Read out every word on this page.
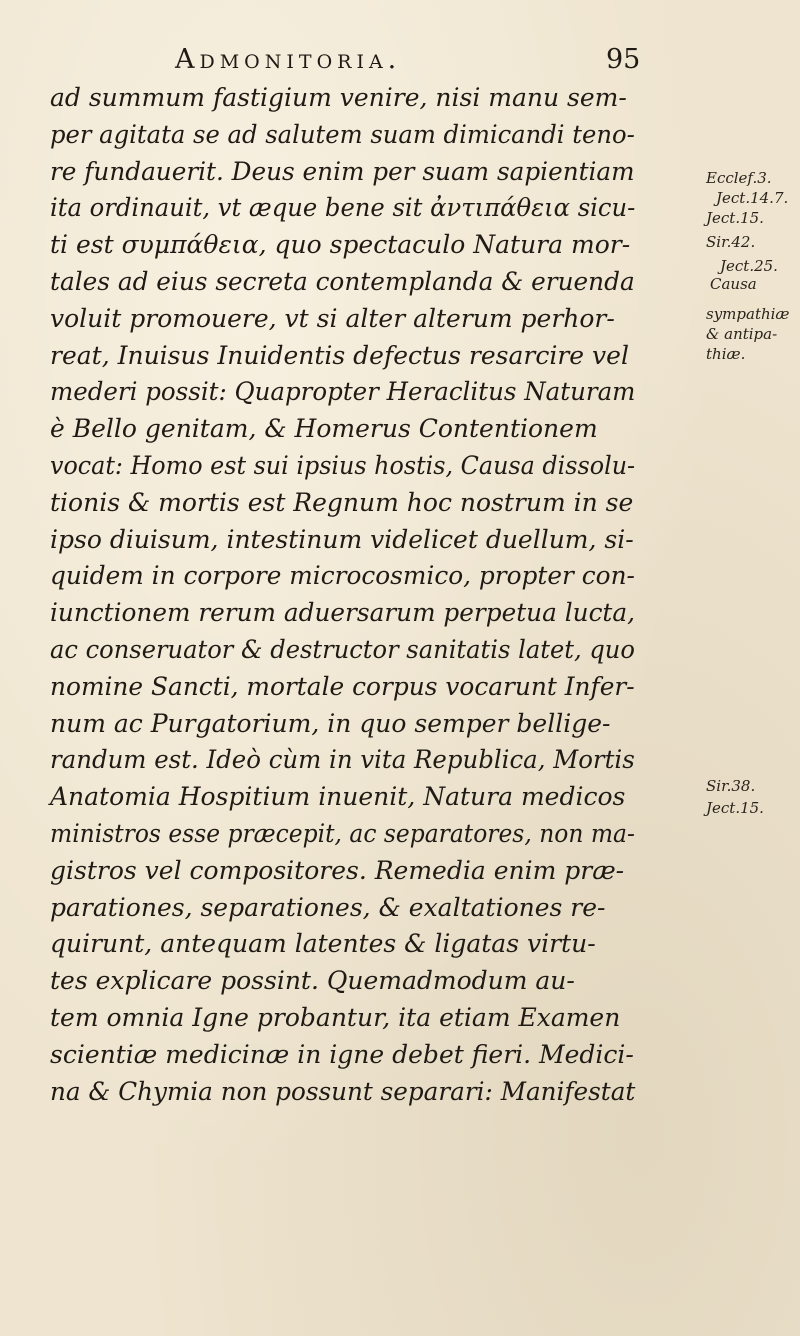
Admonitoria.	95
ad summum fastigium venire, nisi manu sem-
per agitata se ad salutem suam dimicandi teno-
re fundauerit. Deus enim per suam sapientiam
ita ordinauit, vt æque bene sit ἀντιπάθεια sicu-
ti est συμπάθεια, quo spectaculo Natura mor-
tales ad eius secreta contemplanda & eruenda
voluit promouere, vt si alter alterum perhor-
reat, Inuisus Inuidentis defectus resarcire vel
mederi possit: Quapropter Heraclitus Naturam
è Bello genitam, & Homerus Contentionem
vocat: Homo est sui ipsius hostis, Causa dissolu-
tionis & mortis est Regnum hoc nostrum in se
ipso diuisum, intestinum videlicet duellum, si-
quidem in corpore microcosmico, propter con-
iunctionem rerum aduersarum perpetua lucta,
ac conseruator & destructor sanitatis latet, quo
nomine Sancti, mortale corpus vocarunt Infer-
num ac Purgatorium, in quo semper bellige-
randum est. Ideò cùm in vita Republica, Mortis
Anatomia Hospitium inuenit, Natura medicos
ministros esse præcepit, ac separatores, non ma-
gistros vel compositores. Remedia enim præ-
parationes, separationes, & exaltationes re-
quirunt, antequam latentes & ligatas virtu-
tes explicare possint. Quemadmodum au-
tem omnia Igne probantur, ita etiam Examen
scientiæ medicinæ in igne debet fieri. Medici-
na & Chymia non possunt separari: Manifestat
Ecclef.3.
Ject.14.7.
Ject.15.
Sir.42.
Ject.25.
Causa
sympathiæ
& antipa-
thiæ.
Sir.38.
Ject.15.
